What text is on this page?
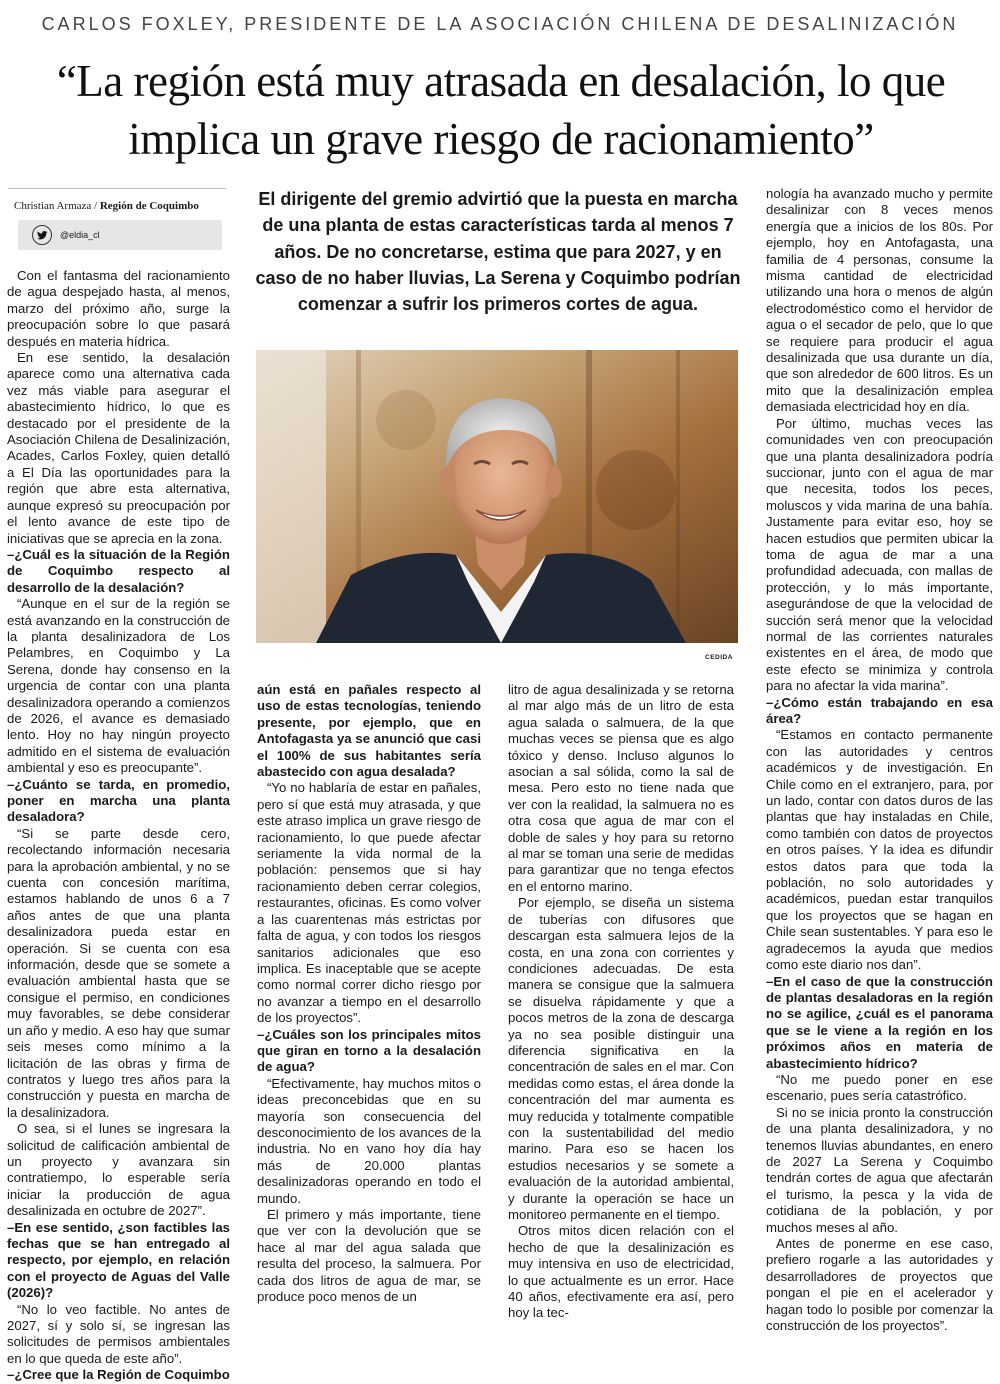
CARLOS FOXLEY, PRESIDENTE DE LA ASOCIACIÓN CHILENA DE DESALINIZACIÓN
“La región está muy atrasada en desalación, lo que implica un grave riesgo de racionamiento”
Christian Armaza / Región de Coquimbo
@eldia_cl
El dirigente del gremio advirtió que la puesta en marcha de una planta de estas características tarda al menos 7 años. De no concretarse, estima que para 2027, y en caso de no haber lluvias, La Serena y Coquimbo podrían comenzar a sufrir los primeros cortes de agua.
CEDIDA

Con el fantasma del racionamiento de agua despejado hasta, al menos, marzo del próximo año, surge la preocupación sobre lo que pasará después en materia hídrica.

En ese sentido, la desalación aparece como una alternativa cada vez más viable para asegurar el abastecimiento hídrico, lo que es destacado por el presidente de la Asociación Chilena de Desalinización, Acades, Carlos Foxley, quien detalló a El Día las oportunidades para la región que abre esta alternativa, aunque expresó su preocupación por el lento avance de este tipo de iniciativas que se aprecia en la zona.

–¿Cuál es la situación de la Región de Coquimbo respecto al desarrollo de la desalación?

“Aunque en el sur de la región se está avanzando en la construcción de la planta desalinizadora de Los Pelambres, en Coquimbo y La Serena, donde hay consenso en la urgencia de contar con una planta desalinizadora operando a comienzos de 2026, el avance es demasiado lento. Hoy no hay ningún proyecto admitido en el sistema de evaluación ambiental y eso es preocupante”.

–¿Cuánto se tarda, en promedio, poner en marcha una planta desaladora?

“Si se parte desde cero, recolectando información necesaria para la aprobación ambiental, y no se cuenta con concesión marítima, estamos hablando de unos 6 a 7 años antes de que una planta desalinizadora pueda estar en operación. Si se cuenta con esa información, desde que se somete a evaluación ambiental hasta que se consigue el permiso, en condiciones muy favorables, se debe considerar un año y medio. A eso hay que sumar seis meses como mínimo a la licitación de las obras y firma de contratos y luego tres años para la construcción y puesta en marcha de la desalinizadora.

O sea, si el lunes se ingresara la solicitud de calificación ambiental de un proyecto y avanzara sin contratiempo, lo esperable sería iniciar la producción de agua desalinizada en octubre de 2027”.

–En ese sentido, ¿son factibles las fechas que se han entregado al respecto, por ejemplo, en relación con el proyecto de Aguas del Valle (2026)?

“No lo veo factible. No antes de 2027, sí y solo sí, se ingresan las solicitudes de permisos ambientales en lo que queda de este año”.

–¿Cree que la Región de Coquimbo

aún está en pañales respecto al uso de estas tecnologías, teniendo presente, por ejemplo, que en Antofagasta ya se anunció que casi el 100% de sus habitantes sería abastecido con agua desalada?

“Yo no hablaría de estar en pañales, pero sí que está muy atrasada, y que este atraso implica un grave riesgo de racionamiento, lo que puede afectar seriamente la vida normal de la población: pensemos que si hay racionamiento deben cerrar colegios, restaurantes, oficinas. Es como volver a las cuarentenas más estrictas por falta de agua, y con todos los riesgos sanitarios adicionales que eso implica. Es inaceptable que se acepte como normal correr dicho riesgo por no avanzar a tiempo en el desarrollo de los proyectos”.

–¿Cuáles son los principales mitos que giran en torno a la desalación de agua?

“Efectivamente, hay muchos mitos o ideas preconcebidas que en su mayoría son consecuencia del desconocimiento de los avances de la industria. No en vano hoy día hay más de 20.000 plantas desalinizadoras operando en todo el mundo.

El primero y más importante, tiene que ver con la devolución que se hace al mar del agua salada que resulta del proceso, la salmuera. Por cada dos litros de agua de mar, se produce poco menos de un

litro de agua desalinizada y se retorna al mar algo más de un litro de esta agua salada o salmuera, de la que muchas veces se piensa que es algo tóxico y denso. Incluso algunos lo asocian a sal sólida, como la sal de mesa. Pero esto no tiene nada que ver con la realidad, la salmuera no es otra cosa que agua de mar con el doble de sales y hoy para su retorno al mar se toman una serie de medidas para garantizar que no tenga efectos en el entorno marino.

Por ejemplo, se diseña un sistema de tuberías con difusores que descargan esta salmuera lejos de la costa, en una zona con corrientes y condiciones adecuadas. De esta manera se consigue que la salmuera se disuelva rápidamente y que a pocos metros de la zona de descarga ya no sea posible distinguir una diferencia significativa en la concentración de sales en el mar. Con medidas como estas, el área donde la concentración del mar aumenta es muy reducida y totalmente compatible con la sustentabilidad del medio marino. Para eso se hacen los estudios necesarios y se somete a evaluación de la autoridad ambiental, y durante la operación se hace un monitoreo permanente en el tiempo.

Otros mitos dicen relación con el hecho de que la desalinización es muy intensiva en uso de electricidad, lo que actualmente es un error. Hace 40 años, efectivamente era así, pero hoy la tec-

nología ha avanzado mucho y permite desalinizar con 8 veces menos energía que a inicios de los 80s. Por ejemplo, hoy en Antofagasta, una familia de 4 personas, consume la misma cantidad de electricidad utilizando una hora o menos de algún electrodoméstico como el hervidor de agua o el secador de pelo, que lo que se requiere para producir el agua desalinizada que usa durante un día, que son alrededor de 600 litros. Es un mito que la desalinización emplea demasiada electricidad hoy en día.

Por último, muchas veces las comunidades ven con preocupación que una planta desalinizadora podría succionar, junto con el agua de mar que necesita, todos los peces, moluscos y vida marina de una bahía. Justamente para evitar eso, hoy se hacen estudios que permiten ubicar la toma de agua de mar a una profundidad adecuada, con mallas de protección, y lo más importante, asegurándose de que la velocidad de succión será menor que la velocidad normal de las corrientes naturales existentes en el área, de modo que este efecto se minimiza y controla para no afectar la vida marina”.

–¿Cómo están trabajando en esa área?

“Estamos en contacto permanente con las autoridades y centros académicos y de investigación. En Chile como en el extranjero, para, por un lado, contar con datos duros de las plantas que hay instaladas en Chile, como también con datos de proyectos en otros países. Y la idea es difundir estos datos para que toda la población, no solo autoridades y académicos, puedan estar tranquilos que los proyectos que se hagan en Chile sean sustentables. Y para eso le agradecemos la ayuda que medios como este diario nos dan”.

–En el caso de que la construcción de plantas desaladoras en la región no se agilice, ¿cuál es el panorama que se le viene a la región en los próximos años en materia de abastecimiento hídrico?

“No me puedo poner en ese escenario, pues sería catastrófico.

Si no se inicia pronto la construcción de una planta desalinizadora, y no tenemos lluvias abundantes, en enero de 2027 La Serena y Coquimbo tendrán cortes de agua que afectarán el turismo, la pesca y la vida de cotidiana de la población, y por muchos meses al año.

Antes de ponerme en ese caso, prefiero rogarle a las autoridades y desarrolladores de proyectos que pongan el pie en el acelerador y hagan todo lo posible por comenzar la construcción de los proyectos”.
